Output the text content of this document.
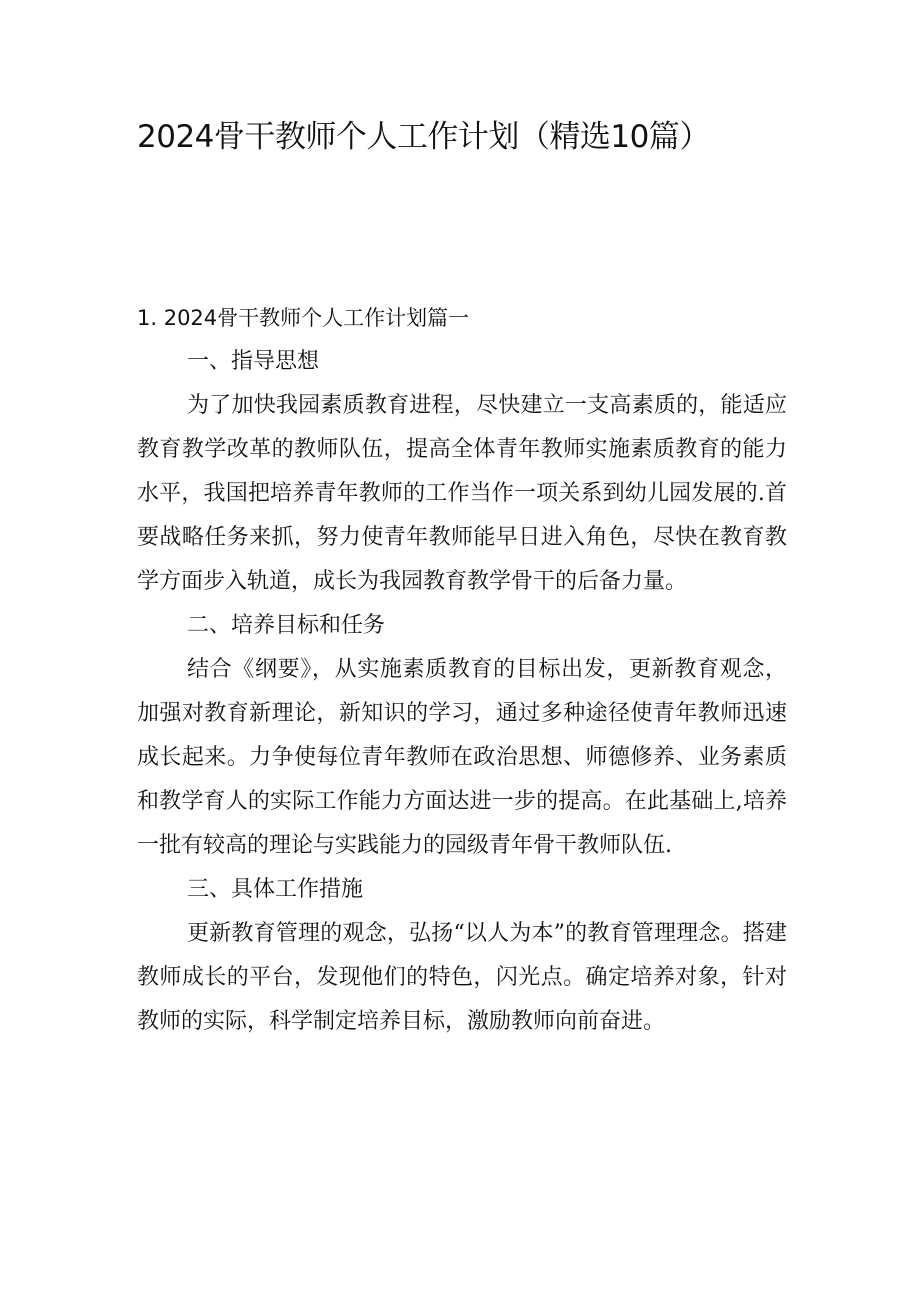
2024骨干教师个人工作计划（精选10篇）

1. 2024骨干教师个人工作计划篇一

一、指导思想

为了加快我园素质教育进程，尽快建立一支高素质的，能适应教育教学改革的教师队伍，提高全体青年教师实施素质教育的能力水平，我国把培养青年教师的工作当作一项关系到幼儿园发展的.首要战略任务来抓，努力使青年教师能早日进入角色，尽快在教育教学方面步入轨道，成长为我园教育教学骨干的后备力量。

二、培养目标和任务

结合《纲要》，从实施素质教育的目标出发，更新教育观念，加强对教育新理论，新知识的学习，通过多种途径使青年教师迅速成长起来。力争使每位青年教师在政治思想、师德修养、业务素质和教学育人的实际工作能力方面达进一步的提高。在此基础上,培养一批有较高的理论与实践能力的园级青年骨干教师队伍.

三、具体工作措施

更新教育管理的观念，弘扬“以人为本”的教育管理理念。搭建教师成长的平台，发现他们的特色，闪光点。确定培养对象，针对教师的实际，科学制定培养目标，激励教师向前奋进。
